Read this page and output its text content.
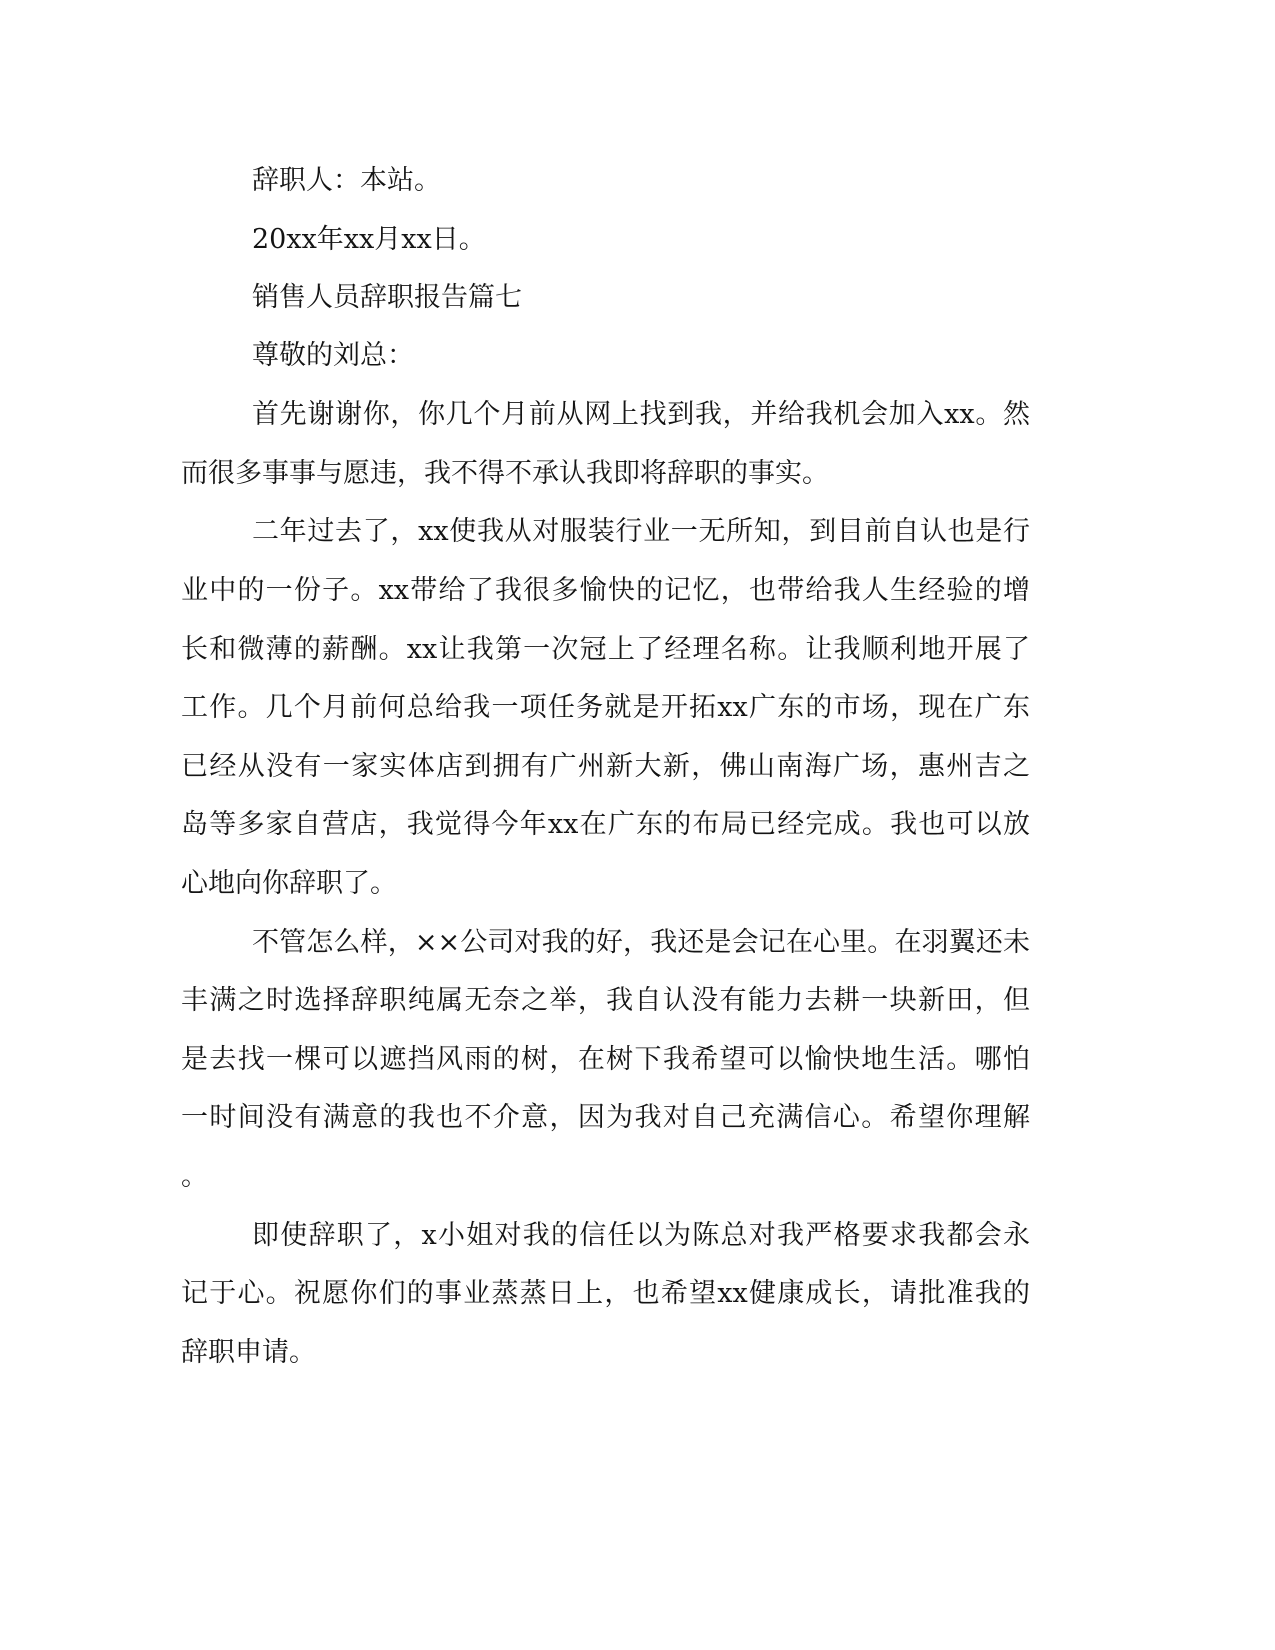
辞职人：本站。

20xx年xx月xx日。

销售人员辞职报告篇七

尊敬的刘总：

首先谢谢你，你几个月前从网上找到我，并给我机会加入xx。然

而很多事事与愿违，我不得不承认我即将辞职的事实。

二年过去了，xx使我从对服装行业一无所知，到目前自认也是行

业中的一份子。xx带给了我很多愉快的记忆，也带给我人生经验的增

长和微薄的薪酬。xx让我第一次冠上了经理名称。让我顺利地开展了

工作。几个月前何总给我一项任务就是开拓xx广东的市场，现在广东

已经从没有一家实体店到拥有广州新大新，佛山南海广场，惠州吉之

岛等多家自营店，我觉得今年xx在广东的布局已经完成。我也可以放

心地向你辞职了。

不管怎么样，××公司对我的好，我还是会记在心里。在羽翼还未

丰满之时选择辞职纯属无奈之举，我自认没有能力去耕一块新田，但

是去找一棵可以遮挡风雨的树，在树下我希望可以愉快地生活。哪怕

一时间没有满意的我也不介意，因为我对自己充满信心。希望你理解

。

即使辞职了，x小姐对我的信任以为陈总对我严格要求我都会永

记于心。祝愿你们的事业蒸蒸日上，也希望xx健康成长，请批准我的

辞职申请。
